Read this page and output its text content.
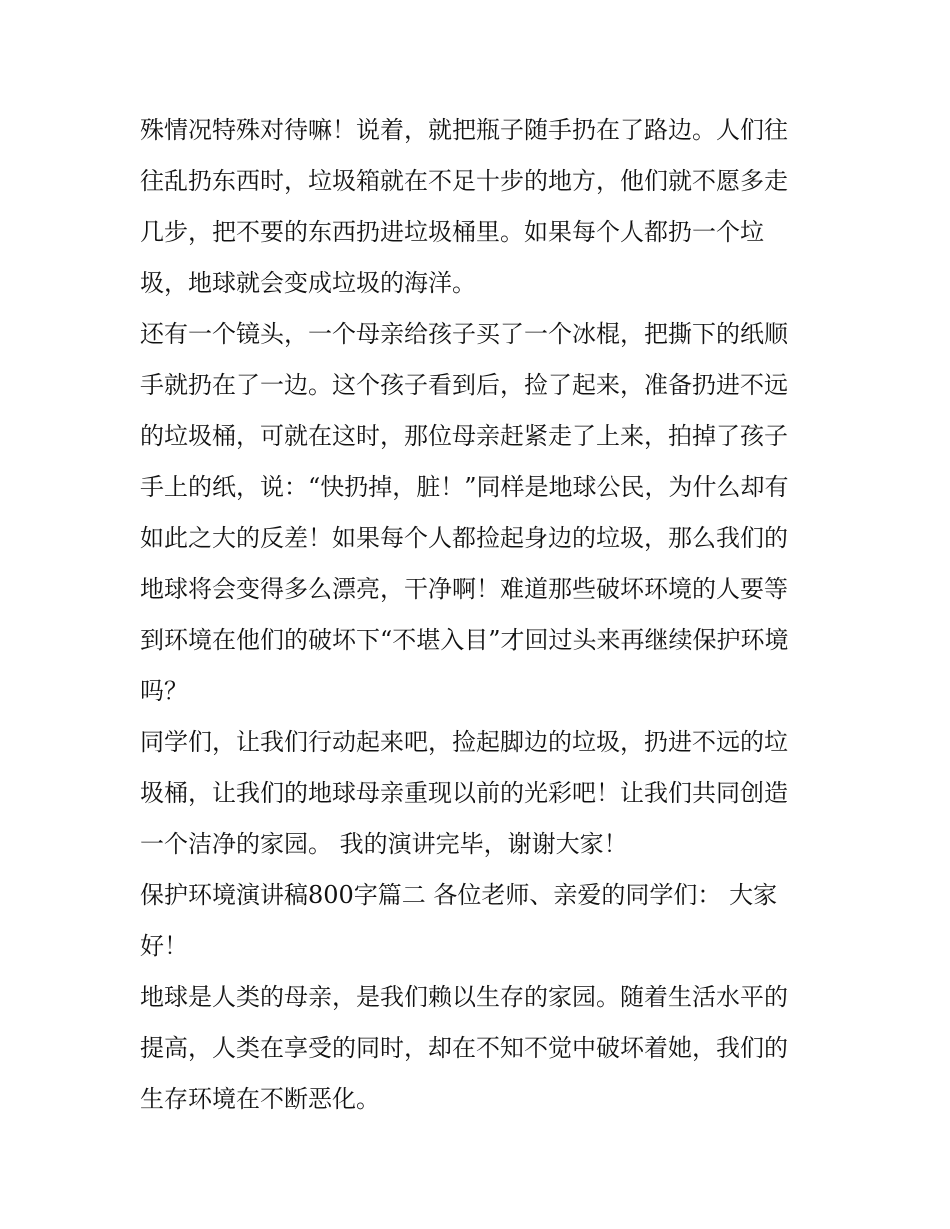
殊情况特殊对待嘛！说着，就把瓶子随手扔在了路边。人们往
往乱扔东西时，垃圾箱就在不足十步的地方，他们就不愿多走
几步，把不要的东西扔进垃圾桶里。如果每个人都扔一个垃
圾，地球就会变成垃圾的海洋。
还有一个镜头，一个母亲给孩子买了一个冰棍，把撕下的纸顺
手就扔在了一边。这个孩子看到后，捡了起来，准备扔进不远
的垃圾桶，可就在这时，那位母亲赶紧走了上来，拍掉了孩子
手上的纸，说：“快扔掉，脏！”同样是地球公民，为什么却有
如此之大的反差！如果每个人都捡起身边的垃圾，那么我们的
地球将会变得多么漂亮，干净啊！难道那些破坏环境的人要等
到环境在他们的破坏下“不堪入目”才回过头来再继续保护环境
吗？
同学们，让我们行动起来吧，捡起脚边的垃圾，扔进不远的垃
圾桶，让我们的地球母亲重现以前的光彩吧！让我们共同创造
一个洁净的家园。 我的演讲完毕，谢谢大家！
保护环境演讲稿800字篇二 各位老师、亲爱的同学们： 大家
好！
地球是人类的母亲，是我们赖以生存的家园。随着生活水平的
提高，人类在享受的同时，却在不知不觉中破坏着她，我们的
生存环境在不断恶化。
